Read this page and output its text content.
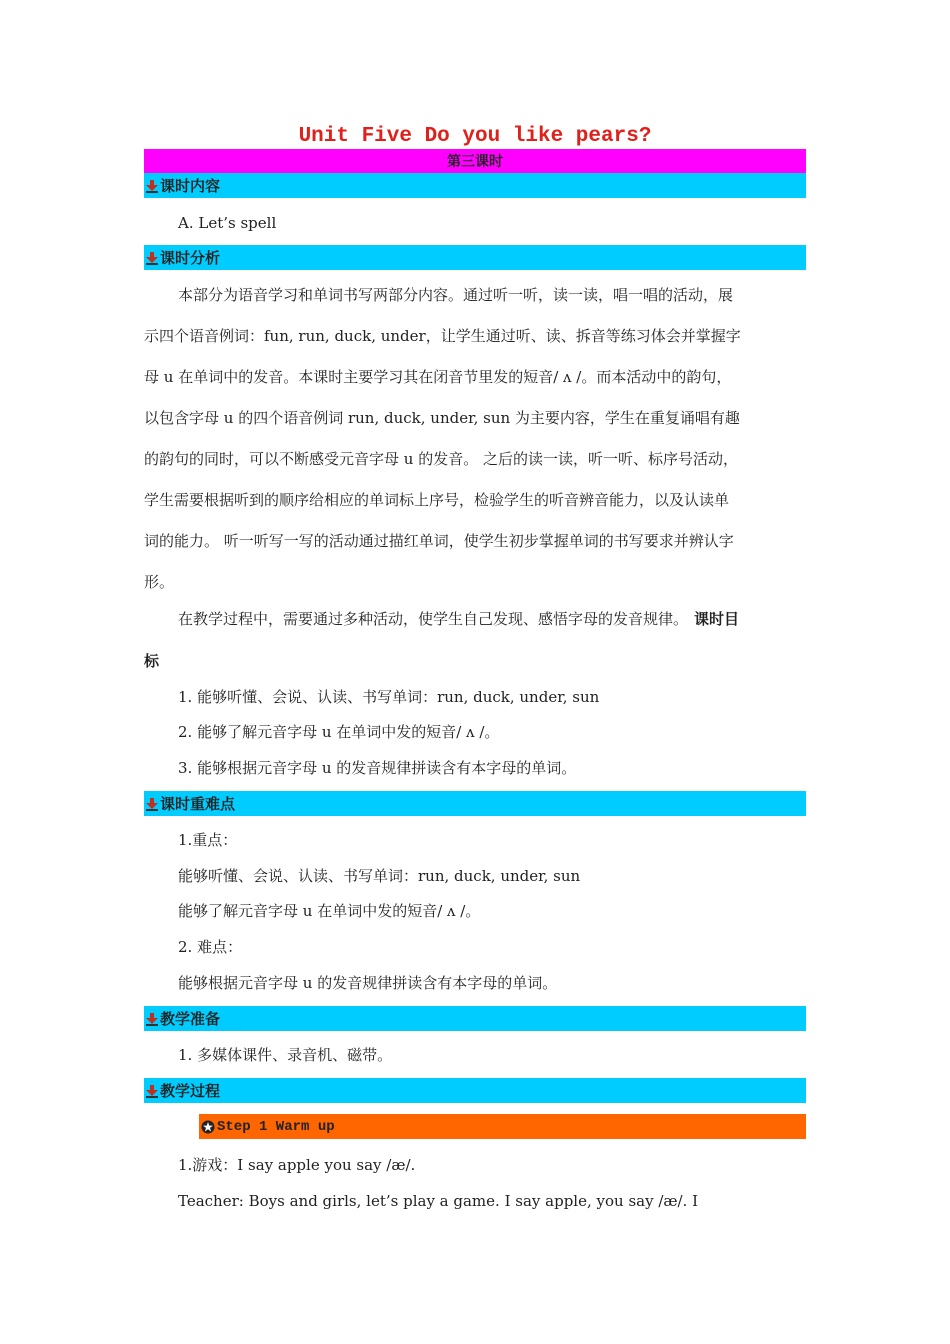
Unit Five Do you like pears?
第三课时
课时内容
A. Let’s spell
课时分析
本部分为语音学习和单词书写两部分内容。通过听一听，读一读，唱一唱的活动，展
示四个语音例词：fun, run, duck, under，让学生通过听、读、拆音等练习体会并掌握字
母 u 在单词中的发音。本课时主要学习其在闭音节里发的短音/ ʌ /。而本活动中的韵句，
以包含字母 u 的四个语音例词 run, duck, under, sun 为主要内容，学生在重复诵唱有趣
的韵句的同时，可以不断感受元音字母 u 的发音。 之后的读一读，听一听、标序号活动，
学生需要根据听到的顺序给相应的单词标上序号，检验学生的听音辨音能力，以及认读单
词的能力。 听一听写一写的活动通过描红单词，使学生初步掌握单词的书写要求并辨认字
形。
在教学过程中，需要通过多种活动，使学生自己发现、感悟字母的发音规律。 课时目
标
1. 能够听懂、会说、认读、书写单词：run, duck, under, sun
2. 能够了解元音字母 u 在单词中发的短音/ ʌ /。
3. 能够根据元音字母 u 的发音规律拼读含有本字母的单词。
课时重难点
1.重点：
能够听懂、会说、认读、书写单词：run, duck, under, sun
能够了解元音字母 u 在单词中发的短音/ ʌ /。
2. 难点：
能够根据元音字母 u 的发音规律拼读含有本字母的单词。
教学准备
1. 多媒体课件、录音机、磁带。
教学过程
Step 1 Warm up
1.游戏：I say apple you say /æ/.
Teacher: Boys and girls, let’s play a game. I say apple, you say /æ/. I
